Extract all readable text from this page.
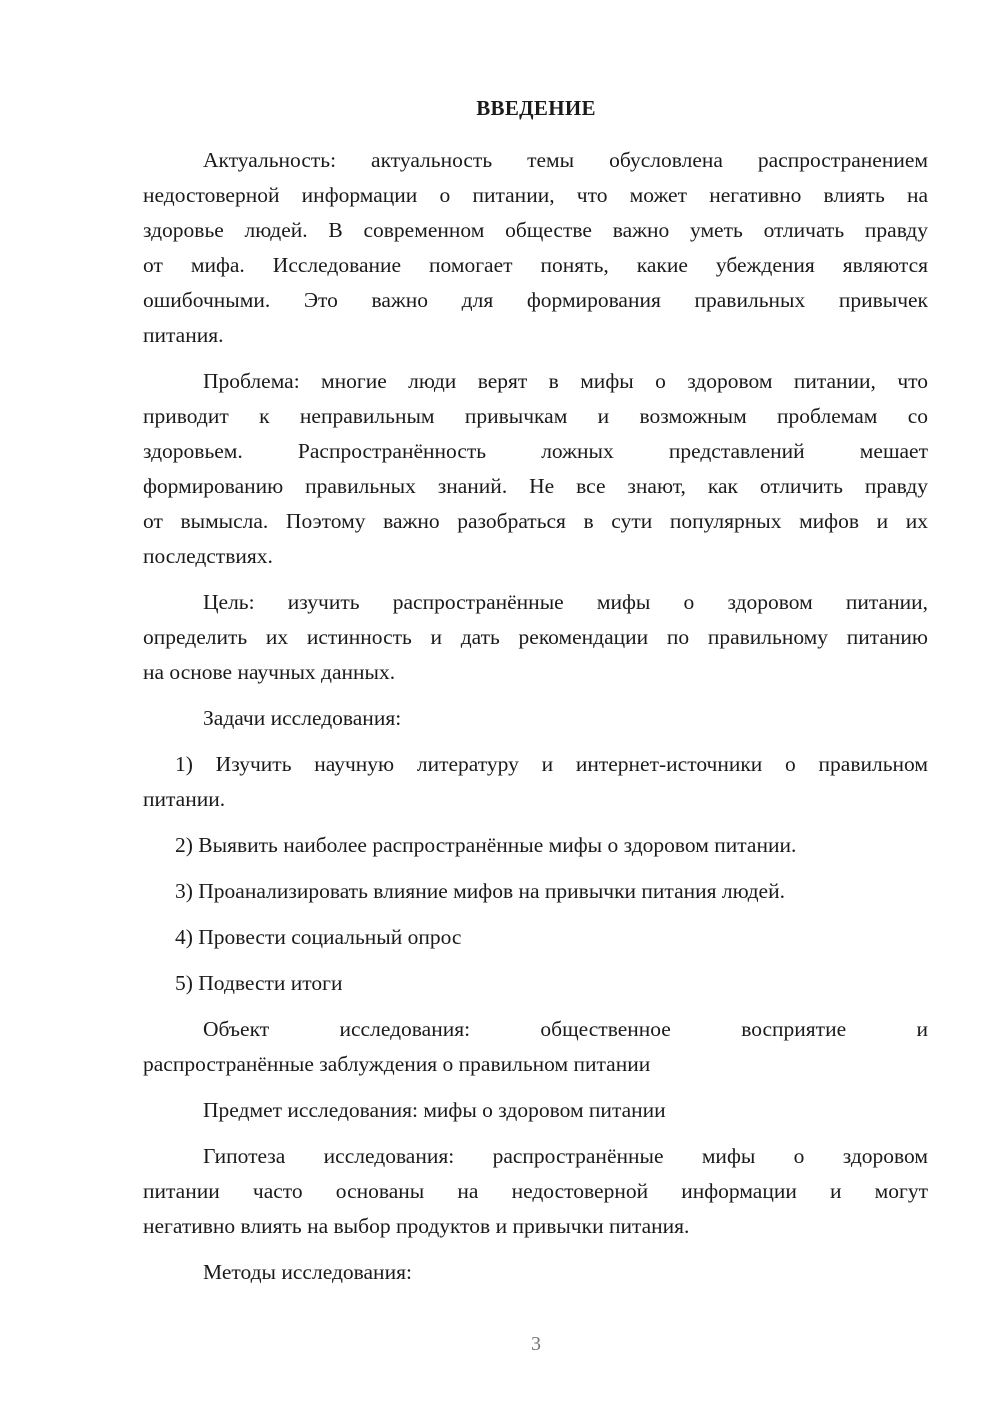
ВВЕДЕНИЕ
Актуальность: актуальность темы обусловлена распространением
недостоверной информации о питании, что может негативно влиять на
здоровье людей. В современном обществе важно уметь отличать правду
от мифа. Исследование помогает понять, какие убеждения являются
ошибочными. Это важно для формирования правильных привычек
питания.
Проблема: многие люди верят в мифы о здоровом питании, что
приводит к неправильным привычкам и возможным проблемам со
здоровьем. Распространённость ложных представлений мешает
формированию правильных знаний. Не все знают, как отличить правду
от вымысла. Поэтому важно разобраться в сути популярных мифов и их
последствиях.
Цель: изучить распространённые мифы о здоровом питании,
определить их истинность и дать рекомендации по правильному питанию
на основе научных данных.
Задачи исследования:
1) Изучить научную литературу и интернет-источники о правильном
питании.
2) Выявить наиболее распространённые мифы о здоровом питании.
3) Проанализировать влияние мифов на привычки питания людей.
4) Провести социальный опрос
5) Подвести итоги
Объект исследования: общественное восприятие и
распространённые заблуждения о правильном питании
Предмет исследования: мифы о здоровом питании
Гипотеза исследования: распространённые мифы о здоровом
питании часто основаны на недостоверной информации и могут
негативно влиять на выбор продуктов и привычки питания.
Методы исследования:
3
